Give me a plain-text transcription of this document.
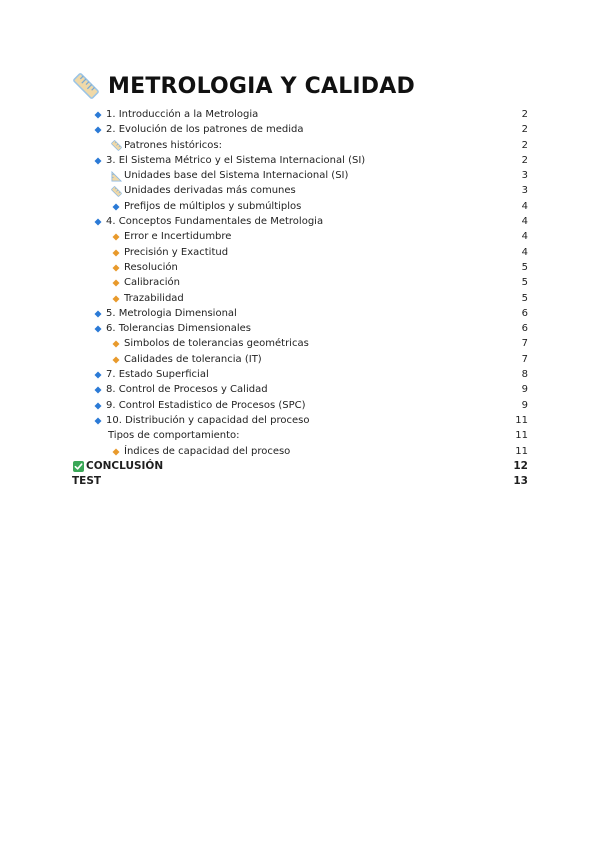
METROLOGIA Y CALIDAD
1. Introducción a la Metrologia	2
2. Evolución de los patrones de medida	2
Patrones históricos:	2
3. El Sistema Métrico y el Sistema Internacional (SI)	2
Unidades base del Sistema Internacional (SI)	3
Unidades derivadas más comunes	3
Prefijos de múltiplos y submúltiplos	4
4. Conceptos Fundamentales de Metrologia	4
Error e Incertidumbre	4
Precisión y Exactitud	4
Resolución	5
Calibración	5
Trazabilidad	5
5. Metrologia Dimensional	6
6. Tolerancias Dimensionales	6
Simbolos de tolerancias geométricas	7
Calidades de tolerancia (IT)	7
7. Estado Superficial	8
8. Control de Procesos y Calidad	9
9. Control Estadistico de Procesos (SPC)	9
10. Distribución y capacidad del proceso	11
Tipos de comportamiento:	11
Índices de capacidad del proceso	11
CONCLUSIÓN	12
TEST	13
